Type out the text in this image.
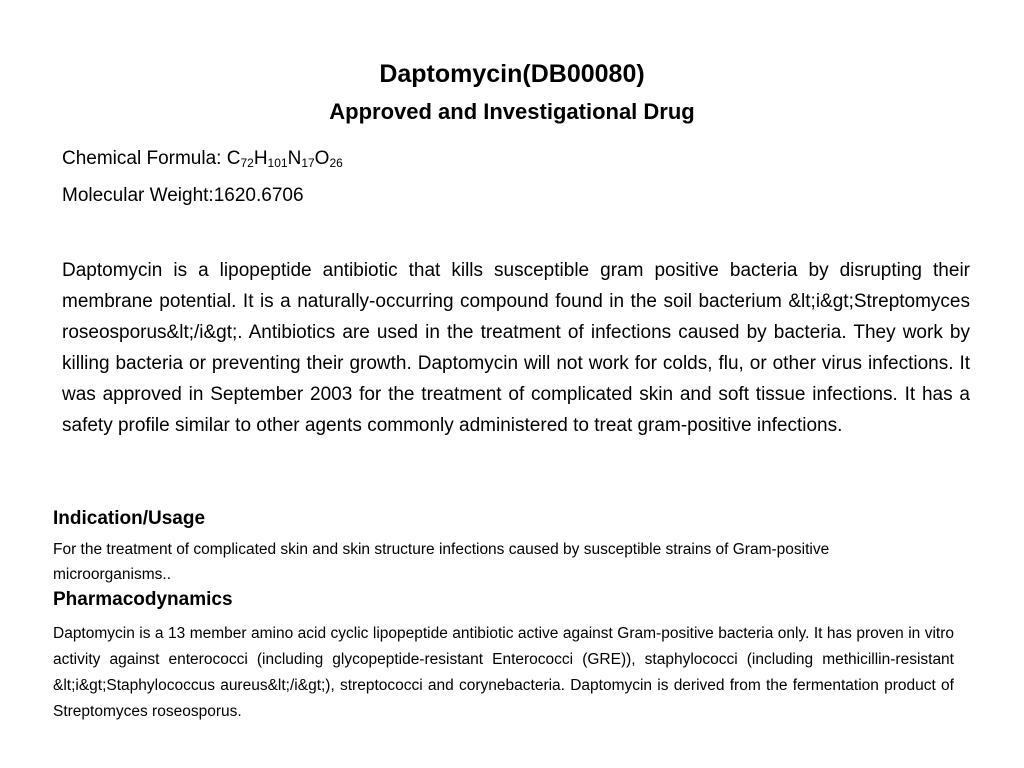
Daptomycin(DB00080)
Approved and Investigational Drug
Chemical Formula: $C_{72}H_{101}N_{17}O_{26}$
Molecular Weight:1620.6706

Daptomycin is a lipopeptide antibiotic that kills susceptible gram positive bacteria by disrupting their membrane potential. It is a naturally-occurring compound found in the soil bacterium &lt;i&gt;Streptomyces roseosporus&lt;/i&gt;. Antibiotics are used in the treatment of infections caused by bacteria. They work by killing bacteria or preventing their growth. Daptomycin will not work for colds, flu, or other virus infections. It was approved in September 2003 for the treatment of complicated skin and soft tissue infections. It has a safety profile similar to other agents commonly administered to treat gram-positive infections.

Indication/Usage

For the treatment of complicated skin and skin structure infections caused by susceptible strains of Gram-positive microorganisms..

Pharmacodynamics

Daptomycin is a 13 member amino acid cyclic lipopeptide antibiotic active against Gram-positive bacteria only. It has proven in vitro activity against enterococci (including glycopeptide-resistant Enterococci (GRE)), staphylococci (including methicillin-resistant &lt;i&gt;Staphylococcus aureus&lt;/i&gt;), streptococci and corynebacteria. Daptomycin is derived from the fermentation product of Streptomyces roseosporus.
